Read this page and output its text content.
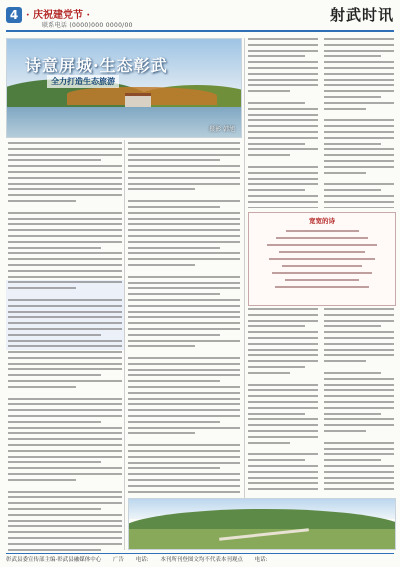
4 · 庆祝建党节 ·
联系电话 (0000)000 0000/00
射武时讯
诗意屏城·生态彰武
全力打造生态旅游
摄影 韩旭
宽宽的诗
彰武县委宣传部主编·彰武县融媒体中心 广告 电话: 本刊所刊登图文均不代表本刊观点 电话:
